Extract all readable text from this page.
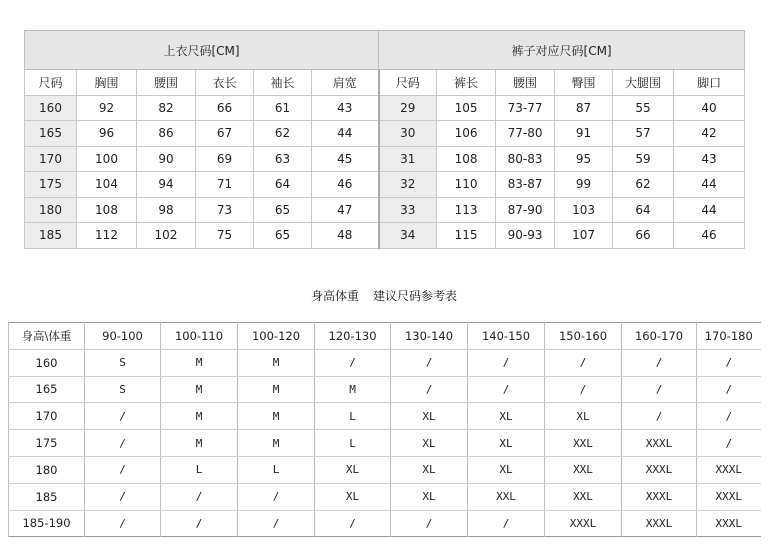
上衣尺码[CM]						裤子对应尺码[CM]					
尺码	胸围	腰围	衣长	袖长	肩宽	尺码	裤长	腰围	臀围	大腿围	脚口
160	92	82	66	61	43	29	105	73-77	87	55	40
165	96	86	67	62	44	30	106	77-80	91	57	42
170	100	90	69	63	45	31	108	80-83	95	59	43
175	104	94	71	64	46	32	110	83-87	99	62	44
180	108	98	73	65	47	33	113	87-90	103	64	44
185	112	102	75	65	48	34	115	90-93	107	66	46
身高体重 建议尺码参考表
身高\体重	90-100	100-110	100-120	120-130	130-140	140-150	150-160	160-170	170-180
160	S	M	M	/	/	/	/	/	/
165	S	M	M	M	/	/	/	/	/
170	/	M	M	L	XL	XL	XL	/	/
175	/	M	M	L	XL	XL	XXL	XXXL	/
180	/	L	L	XL	XL	XL	XXL	XXXL	XXXL
185	/	/	/	XL	XL	XXL	XXL	XXXL	XXXL
185-190	/	/	/	/	/	/	XXXL	XXXL	XXXL
